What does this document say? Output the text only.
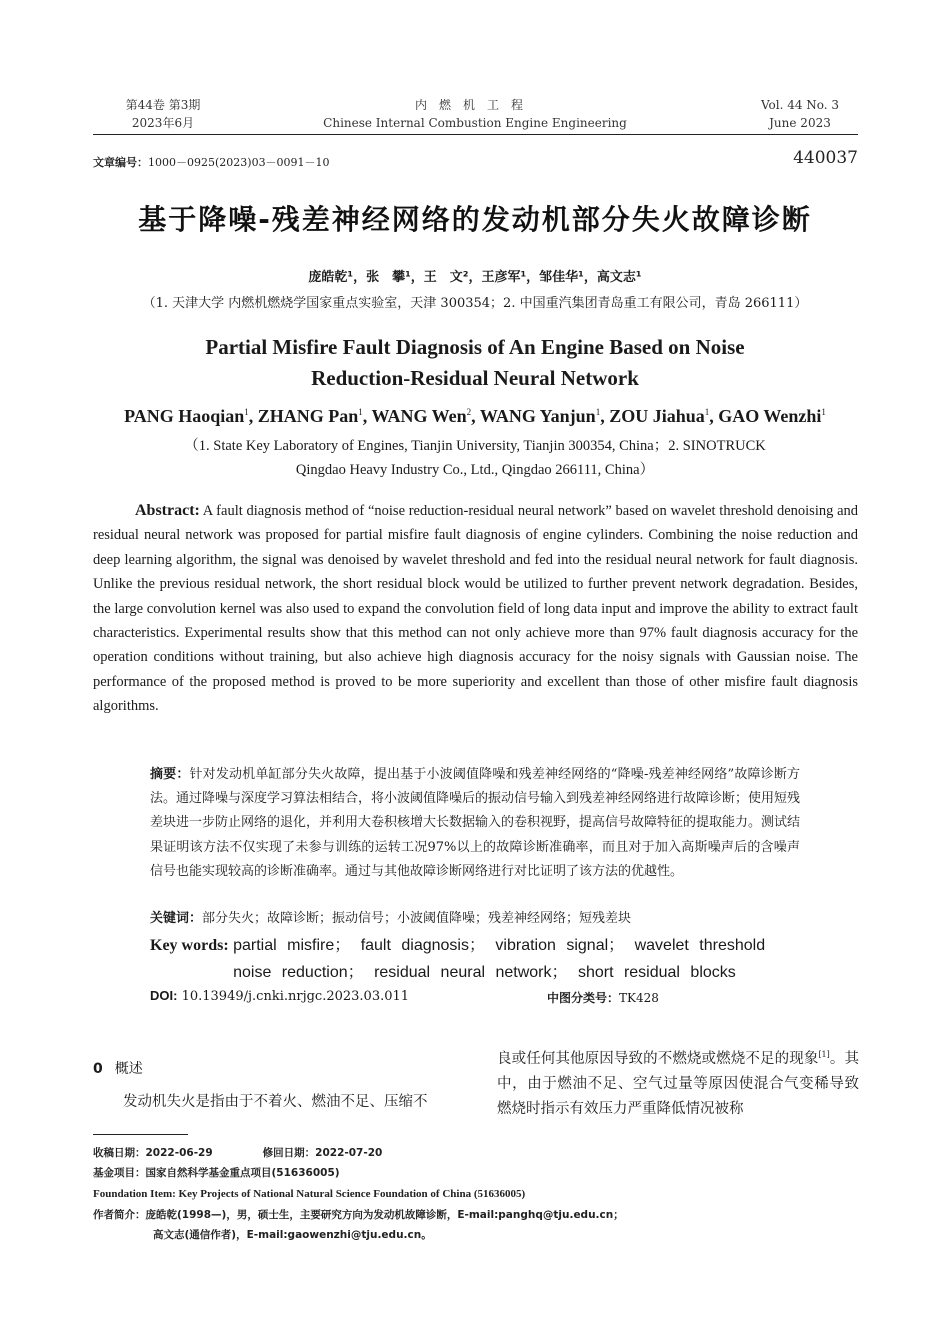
第44卷 第3期
2023年6月
内燃机工程
Chinese Internal Combustion Engine Engineering
Vol. 44 No. 3
June 2023
文章编号：1000－0925(2023)03－0091－10	440037
基于降噪-残差神经网络的发动机部分失火故障诊断
庞皓乾¹，张　攀¹，王　文²，王彦军¹，邹佳华¹，高文志¹
（1. 天津大学 内燃机燃烧学国家重点实验室，天津 300354；2. 中国重汽集团青岛重工有限公司，青岛 266111）
Partial Misfire Fault Diagnosis of An Engine Based on Noise
Reduction-Residual Neural Network
PANG Haoqian$^1$, ZHANG Pan$^1$, WANG Wen$^2$, WANG Yanjun$^1$, ZOU Jiahua$^1$, GAO Wenzhi$^1$
（1. State Key Laboratory of Engines, Tianjin University, Tianjin 300354, China；2. SINOTRUCK
Qingdao Heavy Industry Co., Ltd., Qingdao 266111, China）
Abstract: A fault diagnosis method of “noise reduction-residual neural network” based on wavelet threshold denoising and residual neural network was proposed for partial misfire fault diagnosis of engine cylinders. Combining the noise reduction and deep learning algorithm, the signal was denoised by wavelet threshold and fed into the residual neural network for fault diagnosis. Unlike the previous residual network, the short residual block would be utilized to further prevent network degradation. Besides, the large convolution kernel was also used to expand the convolution field of long data input and improve the ability to extract fault characteristics. Experimental results show that this method can not only achieve more than 97% fault diagnosis accuracy for the operation conditions without training, but also achieve high diagnosis accuracy for the noisy signals with Gaussian noise. The performance of the proposed method is proved to be more superiority and excellent than those of other misfire fault diagnosis algorithms.
摘要：针对发动机单缸部分失火故障，提出基于小波阈值降噪和残差神经网络的“降噪-残差神经网络”故障诊断方法。通过降噪与深度学习算法相结合，将小波阈值降噪后的振动信号输入到残差神经网络进行故障诊断；使用短残差块进一步防止网络的退化，并利用大卷积核增大长数据输入的卷积视野，提高信号故障特征的提取能力。测试结果证明该方法不仅实现了未参与训练的运转工况97%以上的故障诊断准确率，而且对于加入高斯噪声后的含噪声信号也能实现较高的诊断准确率。通过与其他故障诊断网络进行对比证明了该方法的优越性。
关键词：部分失火；故障诊断；振动信号；小波阈值降噪；残差神经网络；短残差块
Key words: partial misfire； fault diagnosis； vibration signal； wavelet threshold noise reduction； residual neural network； short residual blocks
DOI: 10.13949/j.cnki.nrjgc.2023.03.011	中图分类号：TK428
0 概述
发动机失火是指由于不着火、燃油不足、压缩不
良或任何其他原因导致的不燃烧或燃烧不足的现象[1]。其中，由于燃油不足、空气过量等原因使混合气变稀导致燃烧时指示有效压力严重降低情况被称
收稿日期：2022-06-29	修回日期：2022-07-20
基金项目：国家自然科学基金重点项目(51636005)
Foundation Item: Key Projects of National Natural Science Foundation of China (51636005)
作者简介：庞皓乾(1998—)，男，硕士生，主要研究方向为发动机故障诊断，E-mail:panghq@tju.edu.cn；
高文志(通信作者)，E-mail:gaowenzhi@tju.edu.cn。
